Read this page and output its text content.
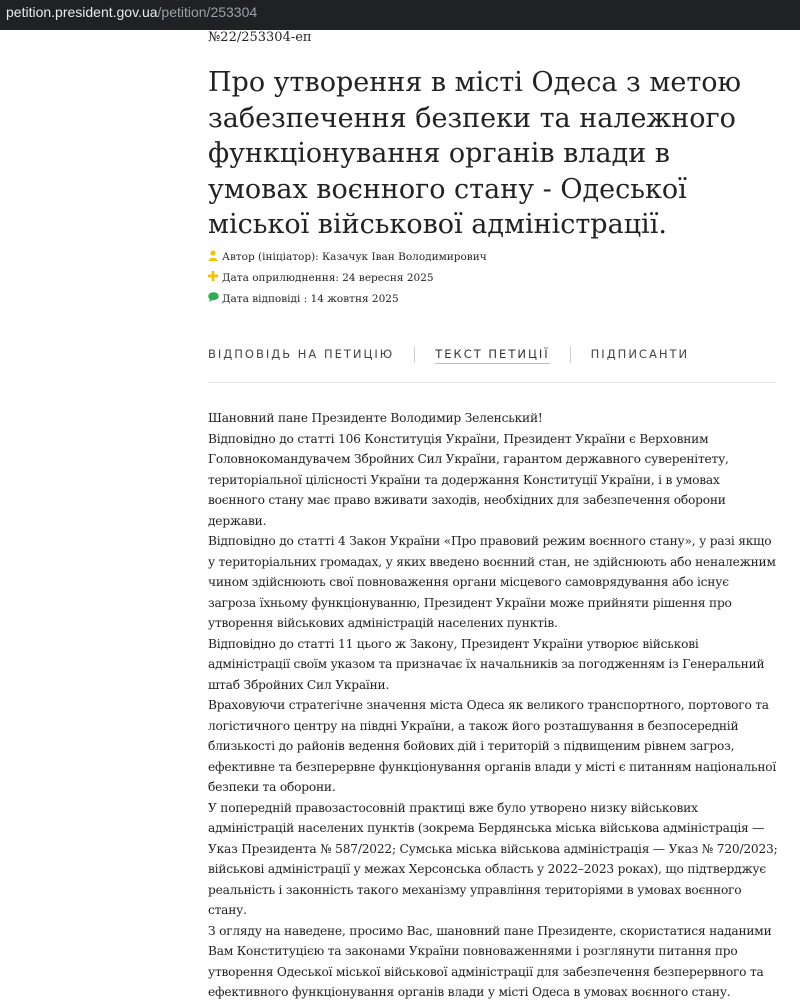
petition.president.gov.ua/petition/253304
№22/253304-еп
Про утворення в місті Одеса з метою забезпечення безпеки та належного функціонування органів влади в умовах воєнного стану - Одеської міської військової адміністрації.
Автор (ініціатор): Казачук Іван Володимирович
Дата оприлюднення: 24 вересня 2025
Дата відповіді : 14 жовтня 2025
ВІДПОВІДЬ НА ПЕТИЦІЮ	ТЕКСТ ПЕТИЦІЇ	ПІДПИСАНТИ

Шановний пане Президенте Володимир Зеленський!

Відповідно до статті 106 Конституція України, Президент України є Верховним Головнокомандувачем Збройних Сил України, гарантом державного суверенітету, територіальної цілісності України та додержання Конституції України, і в умовах воєнного стану має право вживати заходів, необхідних для забезпечення оборони держави.

Відповідно до статті 4 Закон України «Про правовий режим воєнного стану», у разі якщо у територіальних громадах, у яких введено воєнний стан, не здійснюють або неналежним чином здійснюють свої повноваження органи місцевого самоврядування або існує загроза їхньому функціонуванню, Президент України може прийняти рішення про утворення військових адміністрацій населених пунктів.

Відповідно до статті 11 цього ж Закону, Президент України утворює військові адміністрації своїм указом та призначає їх начальників за погодженням із Генеральний штаб Збройних Сил України.

Враховуючи стратегічне значення міста Одеса як великого транспортного, портового та логістичного центру на півдні України, а також його розташування в безпосередній близькості до районів ведення бойових дій і територій з підвищеним рівнем загроз, ефективне та безперервне функціонування органів влади у місті є питанням національної безпеки та оборони.

У попередній правозастосовній практиці вже було утворено низку військових адміністрацій населених пунктів (зокрема Бердянська міська військова адміністрація — Указ Президента № 587/2022; Сумська міська військова адміністрація — Указ № 720/2023; військові адміністрації у межах Херсонська область у 2022–2023 роках), що підтверджує реальність і законність такого механізму управління територіями в умовах воєнного стану.

З огляду на наведене, просимо Вас, шановний пане Президенте, скористатися наданими Вам Конституцією та законами України повноваженнями і розглянути питання про утворення Одеської міської військової адміністрації для забезпечення безперервного та ефективного функціонування органів влади у місті Одеса в умовах воєнного стану.
